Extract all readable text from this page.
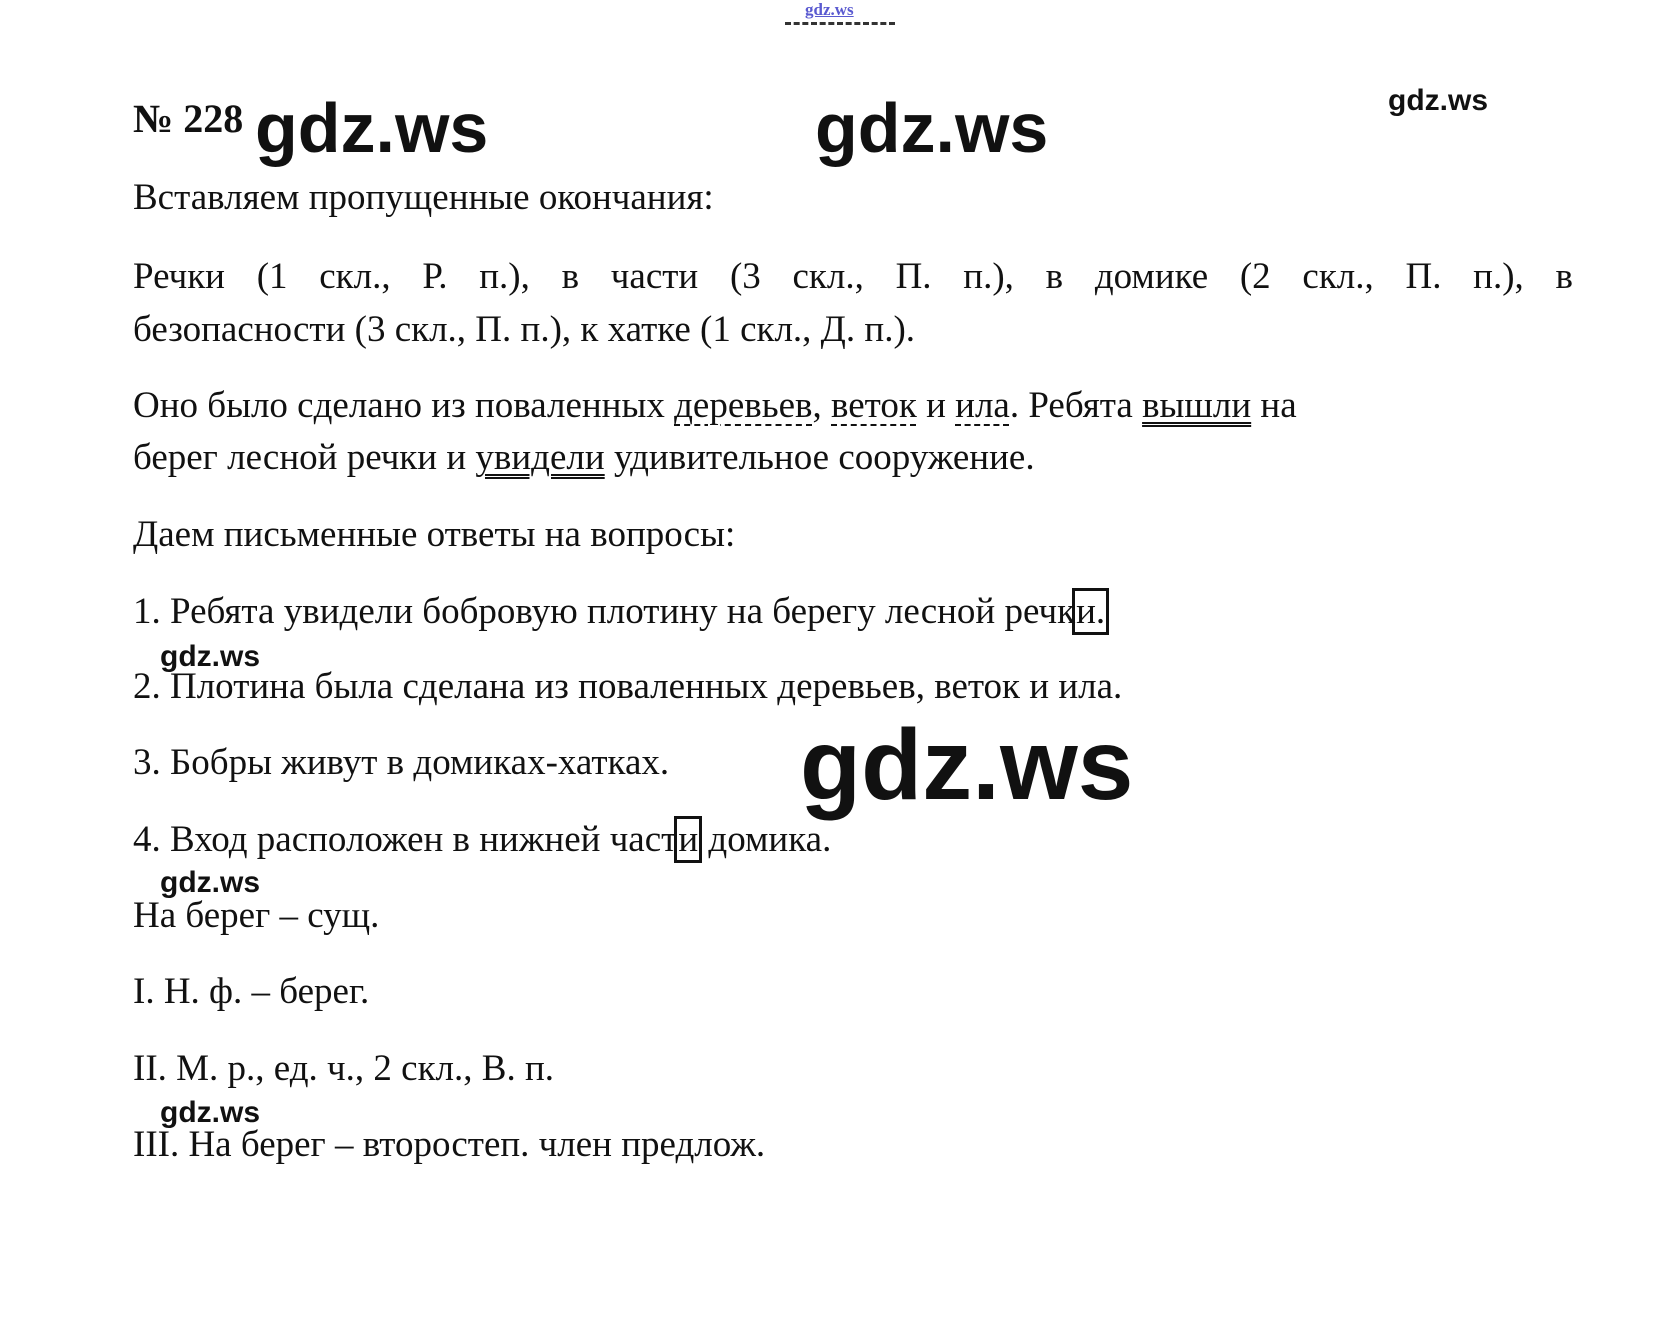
gdz.ws
№ 228 gdz.ws	gdz.ws	gdz.ws
Вставляем пропущенные окончания:
Речки (1 скл., Р. п.), в части (3 скл., П. п.), в домике (2 скл., П. п.), в
безопасности (3 скл., П. п.), к хатке (1 скл., Д. п.).
Оно было сделано из поваленных деревьев, веток и ила. Ребята вышли на
берег лесной речки и увидели удивительное сооружение.
Даем письменные ответы на вопросы:
1. Ребята увидели бобровую плотину на берегу лесной речки.
gdz.ws
2. Плотина была сделана из поваленных деревьев, веток и ила.
3. Бобры живут в домиках-хатках. gdz.ws
4. Вход расположен в нижней части домика.
gdz.ws
На берег – сущ.
I. Н. ф. – берег.
II. М. р., ед. ч., 2 скл., В. п.
gdz.ws
III. На берег – второстеп. член предлож.
